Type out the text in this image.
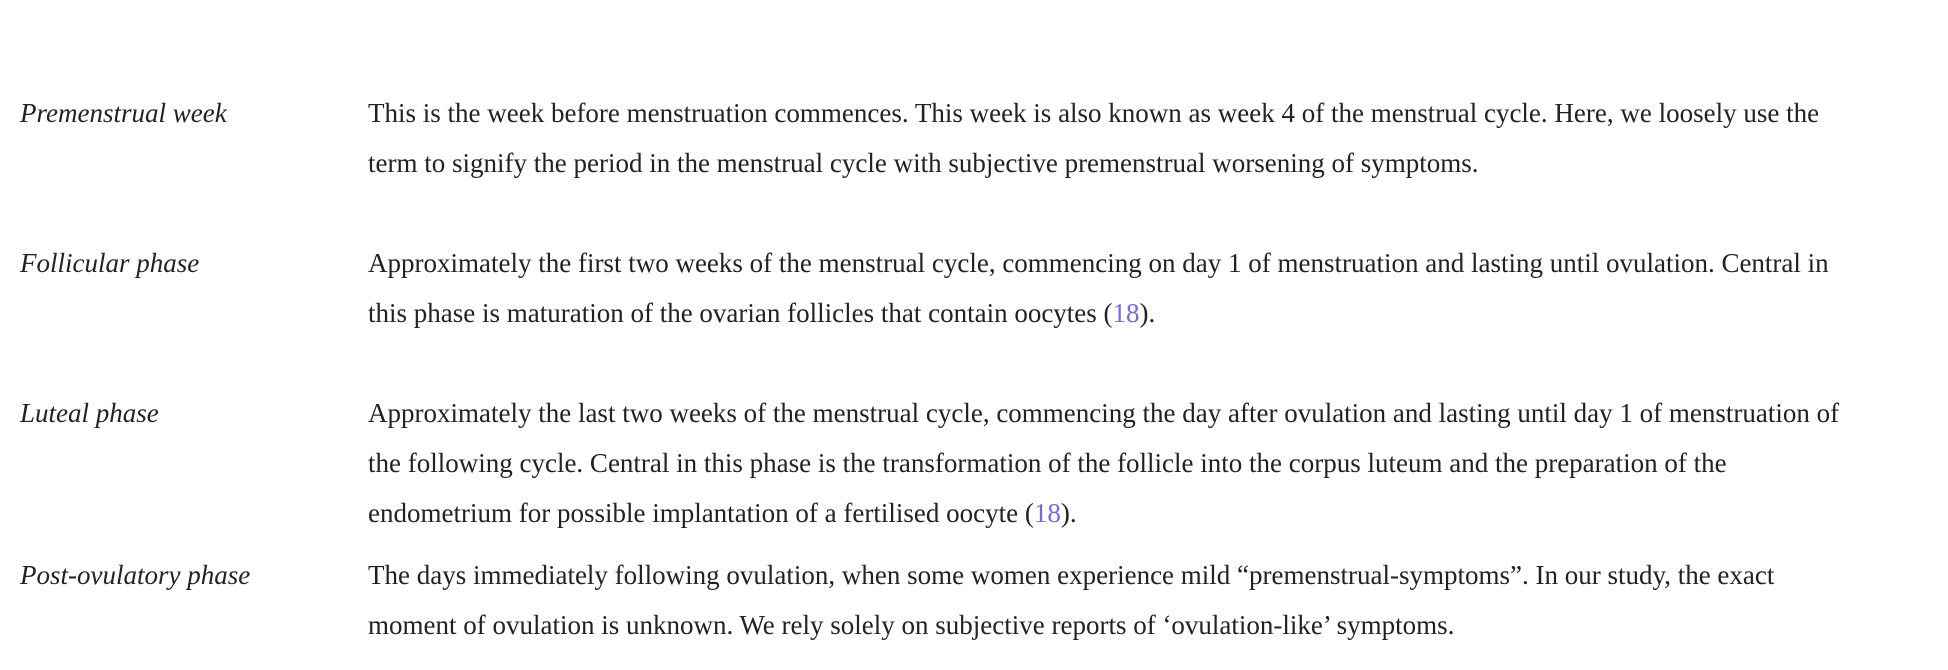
Premenstrual week	This is the week before menstruation commences. This week is also known as week 4 of the menstrual cycle. Here, we loosely use the
term to signify the period in the menstrual cycle with subjective premenstrual worsening of symptoms.
Follicular phase	Approximately the first two weeks of the menstrual cycle, commencing on day 1 of menstruation and lasting until ovulation. Central in
this phase is maturation of the ovarian follicles that contain oocytes (18).
Luteal phase	Approximately the last two weeks of the menstrual cycle, commencing the day after ovulation and lasting until day 1 of menstruation of
the following cycle. Central in this phase is the transformation of the follicle into the corpus luteum and the preparation of the
endometrium for possible implantation of a fertilised oocyte (18).
Post-ovulatory phase	The days immediately following ovulation, when some women experience mild “premenstrual-symptoms”. In our study, the exact
moment of ovulation is unknown. We rely solely on subjective reports of ‘ovulation-like’ symptoms.
